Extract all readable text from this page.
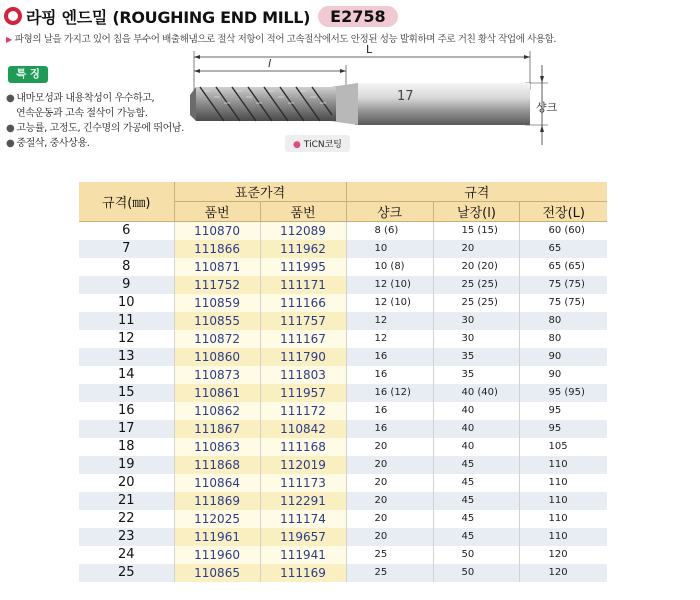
라핑 엔드밀 (ROUGHING END MILL)	E2758
▶ 파형의 날을 가지고 있어 칩을 부수어 배출해냄으로 절삭 저항이 적어 고속절삭에서도 안정된 성능 발휘하며 주로 거친 황삭 작업에 사용함.
특 징
● 내마모성과 내용착성이 우수하고,
연속운동과 고속 절삭이 가능함.
● 고능률, 고정도, 긴수명의 가공에 뛰어남.
● 중절삭, 중사상용.
l
L
샹크
17
● TiCN코팅
규격(㎜)	표준가격		규격		
	품번	품번	샹크	날장(l)	전장(L)
6	110870	112089	8 (6)	15 (15)	60 (60)
7	111866	111962	10	20	65
8	110871	111995	10 (8)	20 (20)	65 (65)
9	111752	111171	12 (10)	25 (25)	75 (75)
10	110859	111166	12 (10)	25 (25)	75 (75)
11	110855	111757	12	30	80
12	110872	111167	12	30	80
13	110860	111790	16	35	90
14	110873	111803	16	35	90
15	110861	111957	16 (12)	40 (40)	95 (95)
16	110862	111172	16	40	95
17	111867	110842	16	40	95
18	110863	111168	20	40	105
19	111868	112019	20	45	110
20	110864	111173	20	45	110
21	111869	112291	20	45	110
22	112025	111174	20	45	110
23	111961	119657	20	45	110
24	111960	111941	25	50	120
25	110865	111169	25	50	120
